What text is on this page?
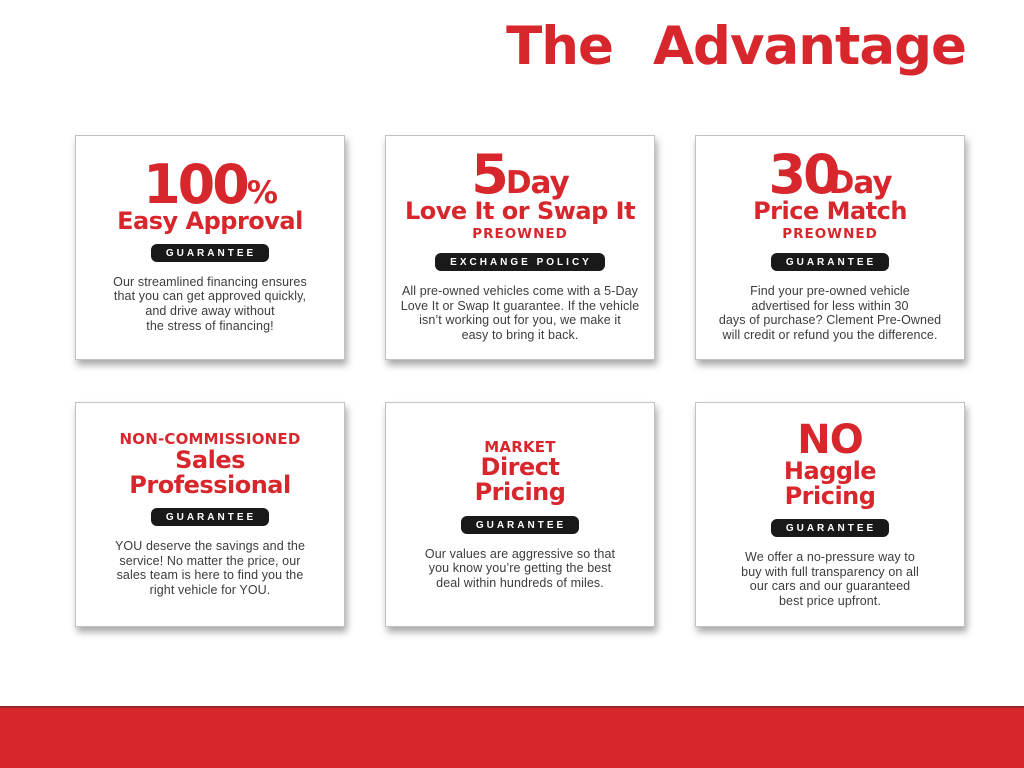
The Advantage
100%
Easy Approval
GUARANTEE
Our streamlined financing ensures
that you can get approved quickly,
and drive away without
the stress of financing!
5Day
Love It or Swap It
PREOWNED
EXCHANGE POLICY
All pre-owned vehicles come with a 5-Day
Love It or Swap It guarantee. If the vehicle
isn’t working out for you, we make it
easy to bring it back.
30Day
Price Match
PREOWNED
GUARANTEE
Find your pre-owned vehicle
advertised for less within 30
days of purchase? Clement Pre-Owned
will credit or refund you the difference.
NON-COMMISSIONED
Sales
Professional
GUARANTEE
YOU deserve the savings and the
service! No matter the price, our
sales team is here to find you the
right vehicle for YOU.
MARKET
Direct
Pricing
GUARANTEE
Our values are aggressive so that
you know you’re getting the best
deal within hundreds of miles.
NO
Haggle
Pricing
GUARANTEE
We offer a no-pressure way to
buy with full transparency on all
our cars and our guaranteed
best price upfront.
